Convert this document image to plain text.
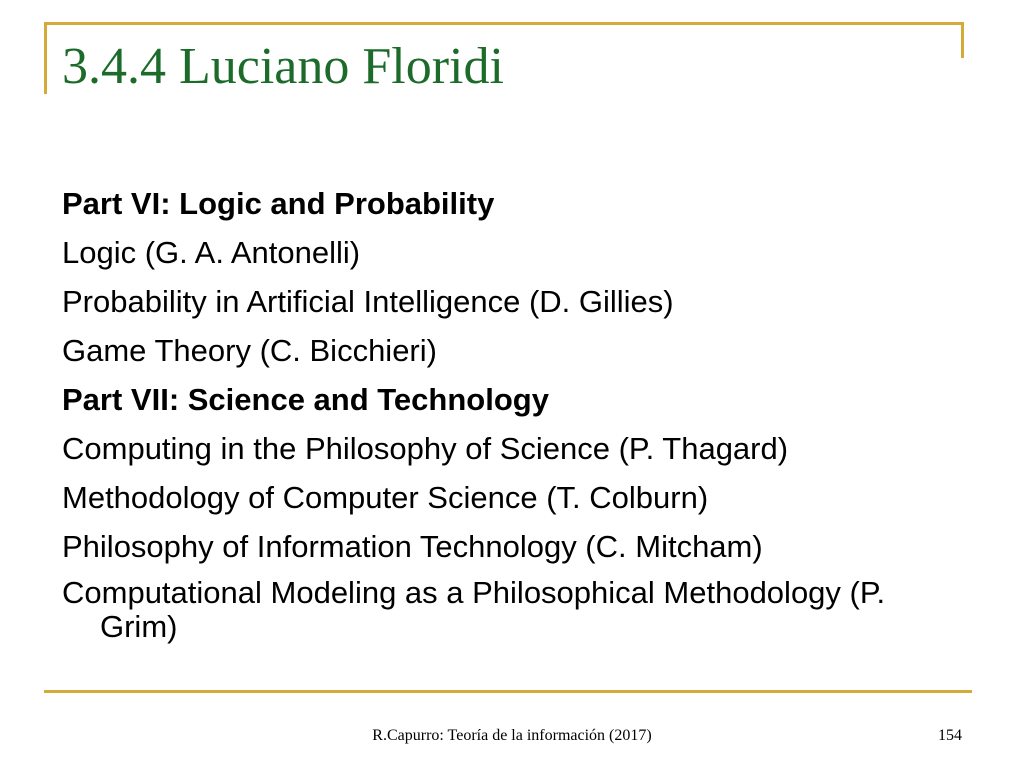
3.4.4 Luciano Floridi
Part VI: Logic and Probability
Logic (G. A. Antonelli)
Probability in Artificial Intelligence (D. Gillies)
Game Theory (C. Bicchieri)
Part VII: Science and Technology
Computing in the Philosophy of Science (P. Thagard)
Methodology of Computer Science (T. Colburn)
Philosophy of Information Technology (C. Mitcham)
Computational Modeling as a Philosophical Methodology (P. Grim)
R.Capurro: Teoría de la información (2017)	154
